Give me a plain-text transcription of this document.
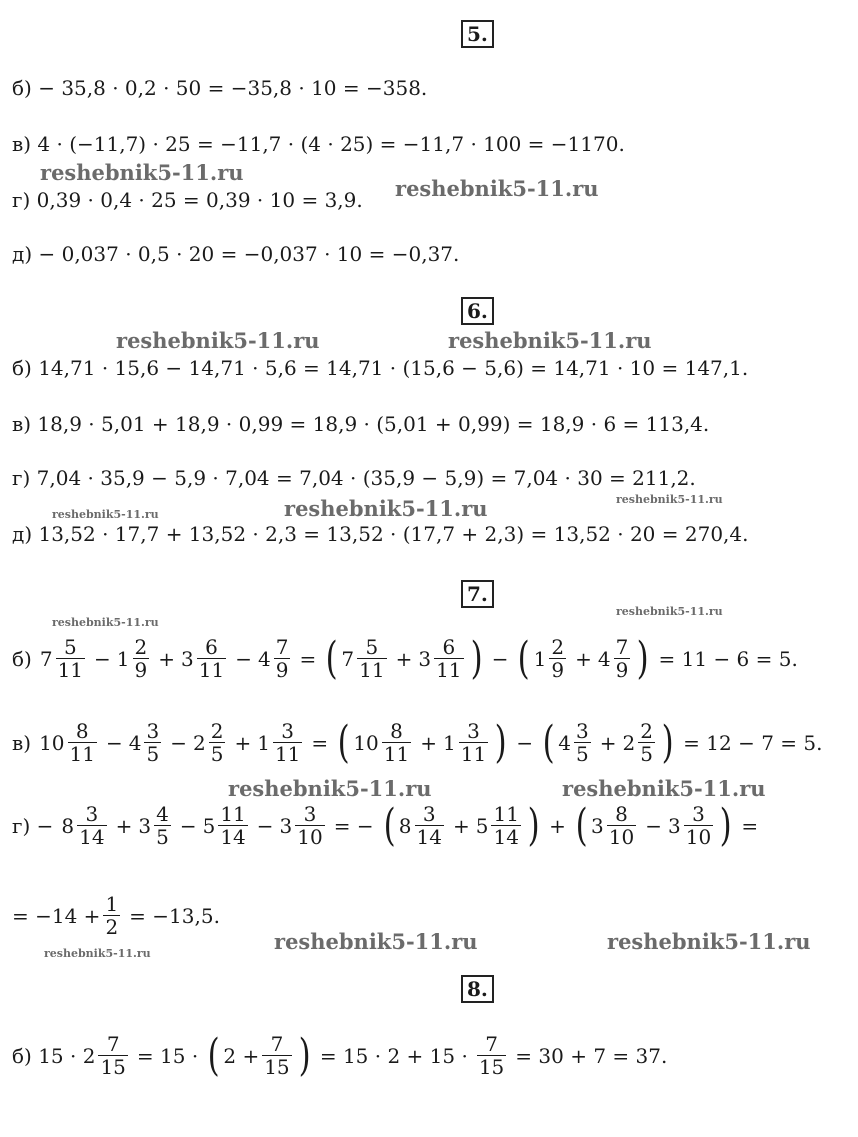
5.
б) − 35,8 · 0,2 · 50 = −35,8 · 10 = −358.
в) 4 · (−11,7) · 25 = −11,7 · (4 · 25) = −11,7 · 100 = −1170.
г) 0,39 · 0,4 · 25 = 0,39 · 10 = 3,9.
д) − 0,037 · 0,5 · 20 = −0,037 · 10 = −0,37.
6.
б) 14,71 · 15,6 − 14,71 · 5,6 = 14,71 · (15,6 − 5,6) = 14,71 · 10 = 147,1.
в) 18,9 · 5,01 + 18,9 · 0,99 = 18,9 · (5,01 + 0,99) = 18,9 · 6 = 113,4.
г) 7,04 · 35,9 − 5,9 · 7,04 = 7,04 · (35,9 − 5,9) = 7,04 · 30 = 211,2.
д) 13,52 · 17,7 + 13,52 · 2,3 = 13,52 · (17,7 + 2,3) = 13,52 · 20 = 270,4.
7.
б) $7 \frac{5}{11} - 1 \frac{2}{9} + 3 \frac{6}{11} - 4 \frac{7}{9}$ = ( $7 \frac{5}{11} + 3 \frac{6}{11}$ ) − ( $1 \frac{2}{9} + 4 \frac{7}{9}$ ) = 11 − 6 = 5.
в) $10 \frac{8}{11} - 4 \frac{3}{5} - 2 \frac{2}{5} + 1 \frac{3}{11}$ = ( $10 \frac{8}{11} + 1 \frac{3}{11}$ ) − ( $4 \frac{3}{5} + 2 \frac{2}{5}$ ) = 12 − 7 = 5.
$г) - 8 \frac{3}{14} + 3 \frac{4}{5} - 5 \frac{11}{14} - 3 \frac{3}{10}$ = − ( $8 \frac{3}{14} + 5 \frac{11}{14}$ ) + ( $3 \frac{8}{10} - 3 \frac{3}{10}$ ) =
= $-14 + \frac{1}{2} = -13,5$.
8.
б) $15 \cdot 2 \frac{7}{15} = 15$ · ( $2 + \frac{7}{15}$ ) = $15 \cdot 2 + 15 \cdot \frac{7}{15} = 30 + 7 = 37$.
reshebnik5-11.ru
reshebnik5-11.ru
reshebnik5-11.ru	reshebnik5-11.ru
reshebnik5-11.ru	reshebnik5-11.ru
reshebnik5-11.ru
reshebnik5-11.ru
reshebnik5-11.ru
reshebnik5-11.ru	reshebnik5-11.ru
reshebnik5-11.ru	reshebnik5-11.ru
reshebnik5-11.ru
